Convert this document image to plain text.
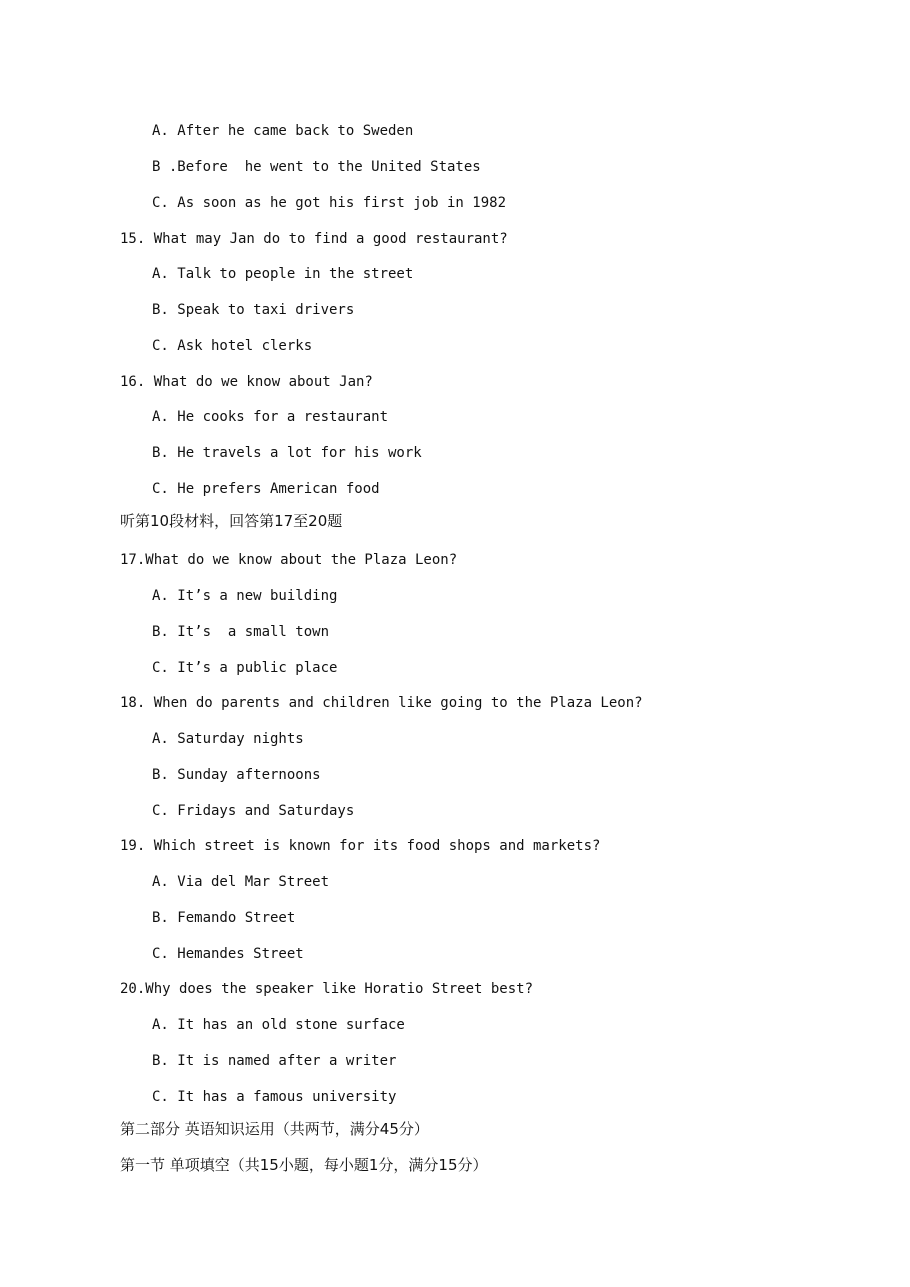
A. After he came back to Sweden
B .Before  he went to the United States
C. As soon as he got his first job in 1982
15. What may Jan do to find a good restaurant?
A. Talk to people in the street
B. Speak to taxi drivers
C. Ask hotel clerks
16. What do we know about Jan?
A. He cooks for a restaurant
B. He travels a lot for his work
C. He prefers American food
听第10段材料，回答第17至20题
17.What do we know about the Plaza Leon?
A. It’s a new building
B. It’s  a small town
C. It’s a public place
18. When do parents and children like going to the Plaza Leon?
A. Saturday nights
B. Sunday afternoons
C. Fridays and Saturdays
19. Which street is known for its food shops and markets?
A. Via del Mar Street
B. Femando Street
C. Hemandes Street
20.Why does the speaker like Horatio Street best?
A. It has an old stone surface
B. It is named after a writer
C. It has a famous university
第二部分 英语知识运用（共两节，满分45分）
第一节 单项填空（共15小题，每小题1分，满分15分）
